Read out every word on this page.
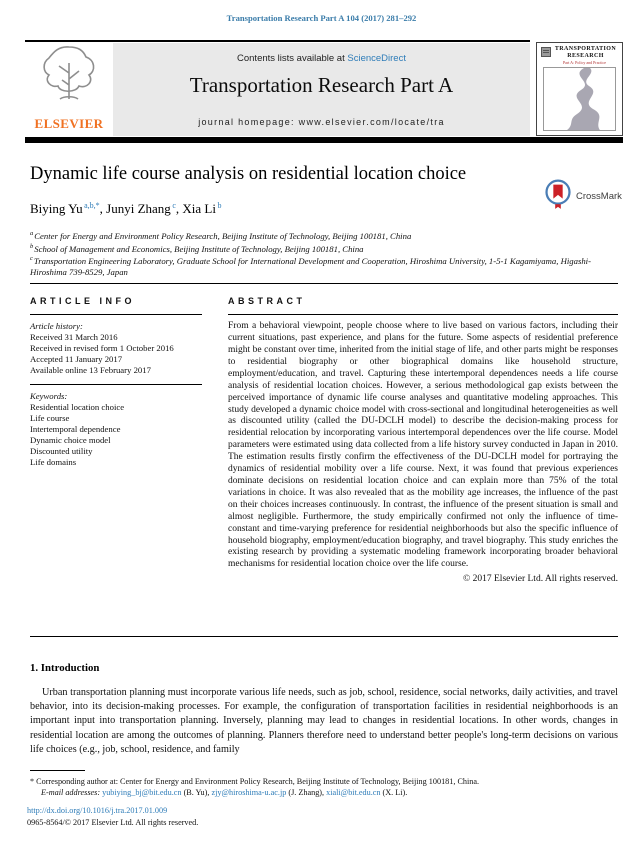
Transportation Research Part A 104 (2017) 281–292
ELSEVIER
Contents lists available at ScienceDirect
Transportation Research Part A
journal homepage: www.elsevier.com/locate/tra
TRANSPORTATION
RESEARCH
Part A: Policy and Practice
Dynamic life course analysis on residential location choice
CrossMark
Biying Yu $^{a,b,*}$, Junyi Zhang $^c$, Xia Li $^b$
$^a$Center for Energy and Environment Policy Research, Beijing Institute of Technology, Beijing 100181, China
$^b$School of Management and Economics, Beijing Institute of Technology, Beijing 100181, China
$^c$Transportation Engineering Laboratory, Graduate School for International Development and Cooperation, Hiroshima University, 1-5-1 Kagamiyama, Higashi-Hiroshima 739-8529, Japan
ARTICLE INFO
Article history:
Received 31 March 2016
Received in revised form 1 October 2016
Accepted 11 January 2017
Available online 13 February 2017
Keywords:
Residential location choice
Life course
Intertemporal dependence
Dynamic choice model
Discounted utility
Life domains
ABSTRACT
From a behavioral viewpoint, people choose where to live based on various factors, including their current situations, past experience, and plans for the future. Some aspects of residential preference might be constant over time, inherited from the initial stage of life, and other parts might be responses to residential biography or other biographical domains like household structure, employment/education, and travel. Capturing these intertemporal dependences needs a life course analysis of residential location choices. However, a serious methodological gap exists between the perceived importance of dynamic life course analyses and quantitative modeling approaches. This study developed a dynamic choice model with cross-sectional and longitudinal heterogeneities as well as discounted utility (called the DU-DCLH model) to describe the decision-making process for residential relocation by incorporating various intertemporal dependences over the life course. Model parameters were estimated using data collected from a life history survey conducted in Japan in 2010. The estimation results firstly confirm the effectiveness of the DU-DCLH model for portraying the dynamics of residential mobility over a life course. Next, it was found that previous experiences dominate decisions on residential location choice and can explain more than 75% of the total variations in choice. It was also revealed that as the mobility age increases, the influence of the past on their choices increases continuously. In contrast, the influence of the present situation is small and almost negligible. Furthermore, the study empirically confirmed not only the influence of time-constant and time-varying preference for residential neighborhoods but also the specific influence of household biography, employment/education biography, and travel biography. This study enriches the existing research by providing a systematic modeling framework incorporating broader behavioral mechanisms for residential location choice over the life course.
© 2017 Elsevier Ltd. All rights reserved.
1. Introduction
Urban transportation planning must incorporate various life needs, such as job, school, residence, social networks, daily activities, and travel behavior, into its decision-making processes. For example, the configuration of transportation facilities in residential neighborhoods is an important input into transportation planning. Inversely, planning may lead to changes in residential locations. In other words, changes in residential location are among the outcomes of planning. Planners therefore need to understand better people's long-term decisions on various life choices (e.g., job, school, residence, and family
* Corresponding author at: Center for Energy and Environment Policy Research, Beijing Institute of Technology, Beijing 100181, China.
E-mail addresses: yubiying_bj@bit.edu.cn (B. Yu), zjy@hiroshima-u.ac.jp (J. Zhang), xiali@bit.edu.cn (X. Li).
http://dx.doi.org/10.1016/j.tra.2017.01.009
0965-8564/© 2017 Elsevier Ltd. All rights reserved.
